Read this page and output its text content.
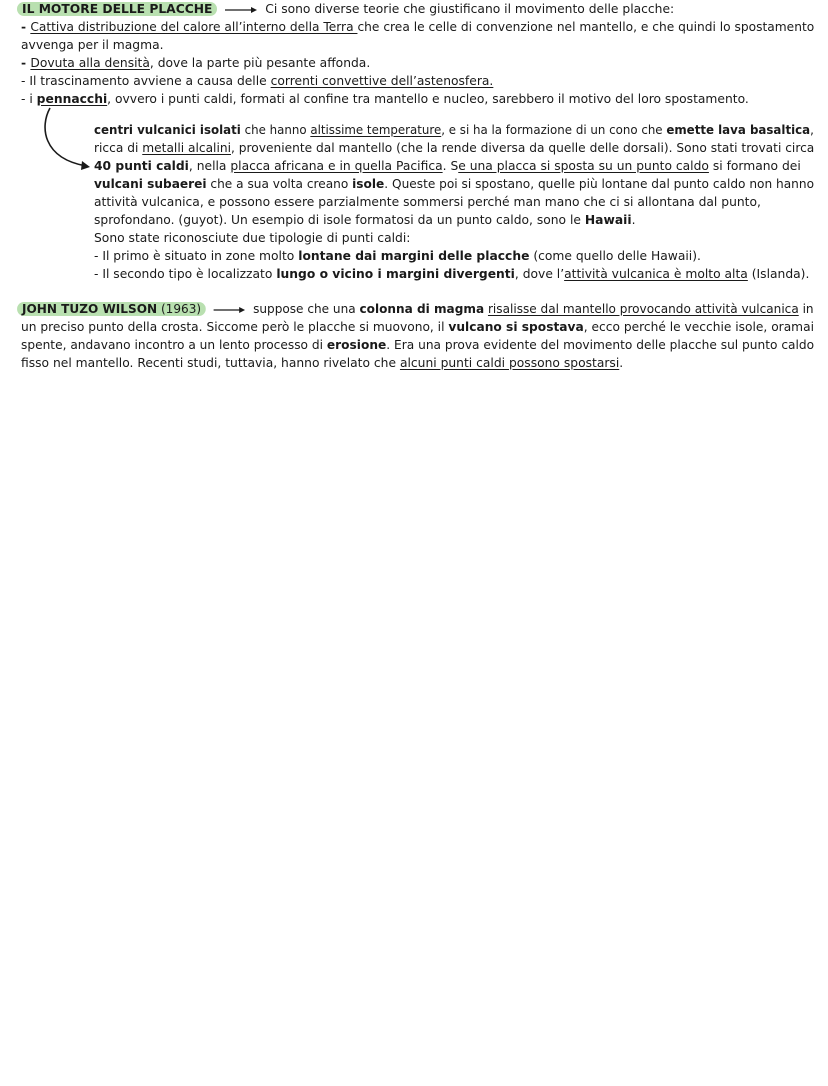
IL MOTORE DELLE PLACCHE	Ci sono diverse teorie che giustificano il movimento delle placche:
- Cattiva distribuzione del calore all’interno della Terra che crea le celle di convenzione nel mantello, e che quindi lo spostamento
avvenga per il magma.
- Dovuta alla densità, dove la parte più pesante affonda.
- Il trascinamento avviene a causa delle correnti convettive dell’astenosfera.
- i pennacchi, ovvero i punti caldi, formati al confine tra mantello e nucleo, sarebbero il motivo del loro spostamento.
centri vulcanici isolati che hanno altissime temperature, e si ha la formazione di un cono che emette lava basaltica,
ricca di metalli alcalini, proveniente dal mantello (che la rende diversa da quelle delle dorsali). Sono stati trovati circa
40 punti caldi, nella placca africana e in quella Pacifica. Se una placca si sposta su un punto caldo si formano dei
vulcani subaerei che a sua volta creano isole. Queste poi si spostano, quelle più lontane dal punto caldo non hanno
attività vulcanica, e possono essere parzialmente sommersi perché man mano che ci si allontana dal punto,
sprofondano. (guyot). Un esempio di isole formatosi da un punto caldo, sono le Hawaii.
Sono state riconosciute due tipologie di punti caldi:
- Il primo è situato in zone molto lontane dai margini delle placche (come quello delle Hawaii).
- Il secondo tipo è localizzato lungo o vicino i margini divergenti, dove l’attività vulcanica è molto alta (Islanda).
JOHN TUZO WILSON (1963)	suppose che una colonna di magma risalisse dal mantello provocando attività vulcanica in
un preciso punto della crosta. Siccome però le placche si muovono, il vulcano si spostava, ecco perché le vecchie isole, oramai
spente, andavano incontro a un lento processo di erosione. Era una prova evidente del movimento delle placche sul punto caldo
fisso nel mantello. Recenti studi, tuttavia, hanno rivelato che alcuni punti caldi possono spostarsi.
